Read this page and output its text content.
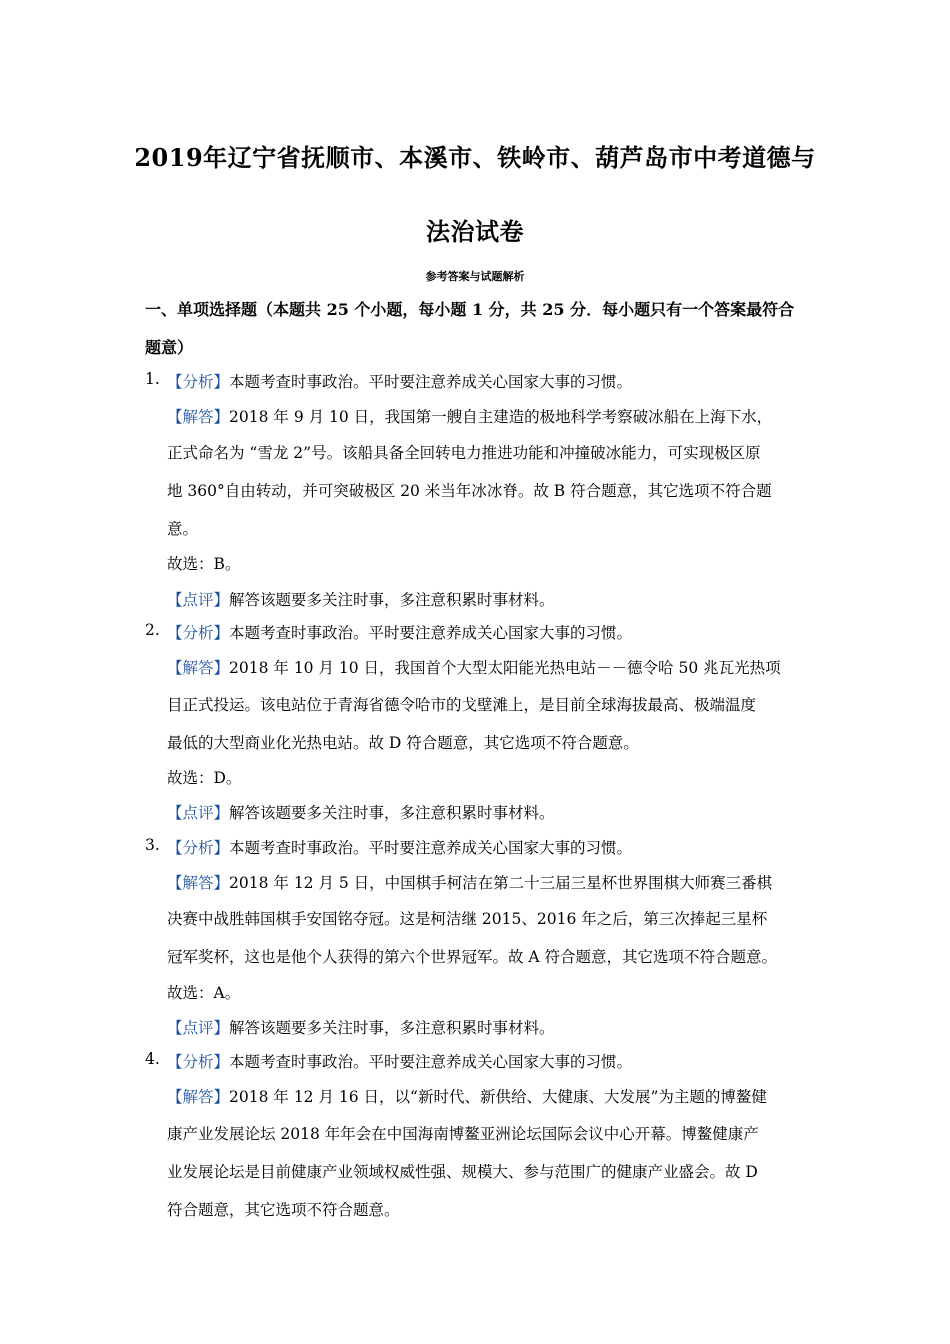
2019年辽宁省抚顺市、本溪市、铁岭市、葫芦岛市中考道德与
法治试卷
参考答案与试题解析
一、单项选择题（本题共 25 个小题，每小题 1 分，共 25 分．每小题只有一个答案最符合
题意）
1. 【分析】本题考查时事政治。平时要注意养成关心国家大事的习惯。
【解答】2018 年 9 月 10 日，我国第一艘自主建造的极地科学考察破冰船在上海下水，
正式命名为 “雪龙 2”号。该船具备全回转电力推进功能和冲撞破冰能力，可实现极区原
地 360°自由转动，并可突破极区 20 米当年冰冰脊。故 B 符合题意，其它选项不符合题
意。
故选：B。
【点评】解答该题要多关注时事，多注意积累时事材料。
2. 【分析】本题考查时事政治。平时要注意养成关心国家大事的习惯。
【解答】2018 年 10 月 10 日，我国首个大型太阳能光热电站－－德令哈 50 兆瓦光热项
目正式投运。该电站位于青海省德令哈市的戈壁滩上，是目前全球海拔最高、极端温度
最低的大型商业化光热电站。故 D 符合题意，其它选项不符合题意。
故选：D。
【点评】解答该题要多关注时事，多注意积累时事材料。
3. 【分析】本题考查时事政治。平时要注意养成关心国家大事的习惯。
【解答】2018 年 12 月 5 日，中国棋手柯洁在第二十三届三星杯世界围棋大师赛三番棋
决赛中战胜韩国棋手安国铭夺冠。这是柯洁继 2015、2016 年之后，第三次捧起三星杯
冠军奖杯，这也是他个人获得的第六个世界冠军。故 A 符合题意，其它选项不符合题意。
故选：A。
【点评】解答该题要多关注时事，多注意积累时事材料。
4. 【分析】本题考查时事政治。平时要注意养成关心国家大事的习惯。
【解答】2018 年 12 月 16 日，以“新时代、新供给、大健康、大发展”为主题的博鳌健
康产业发展论坛 2018 年年会在中国海南博鳌亚洲论坛国际会议中心开幕。博鳌健康产
业发展论坛是目前健康产业领域权威性强、规模大、参与范围广的健康产业盛会。故 D
符合题意，其它选项不符合题意。
